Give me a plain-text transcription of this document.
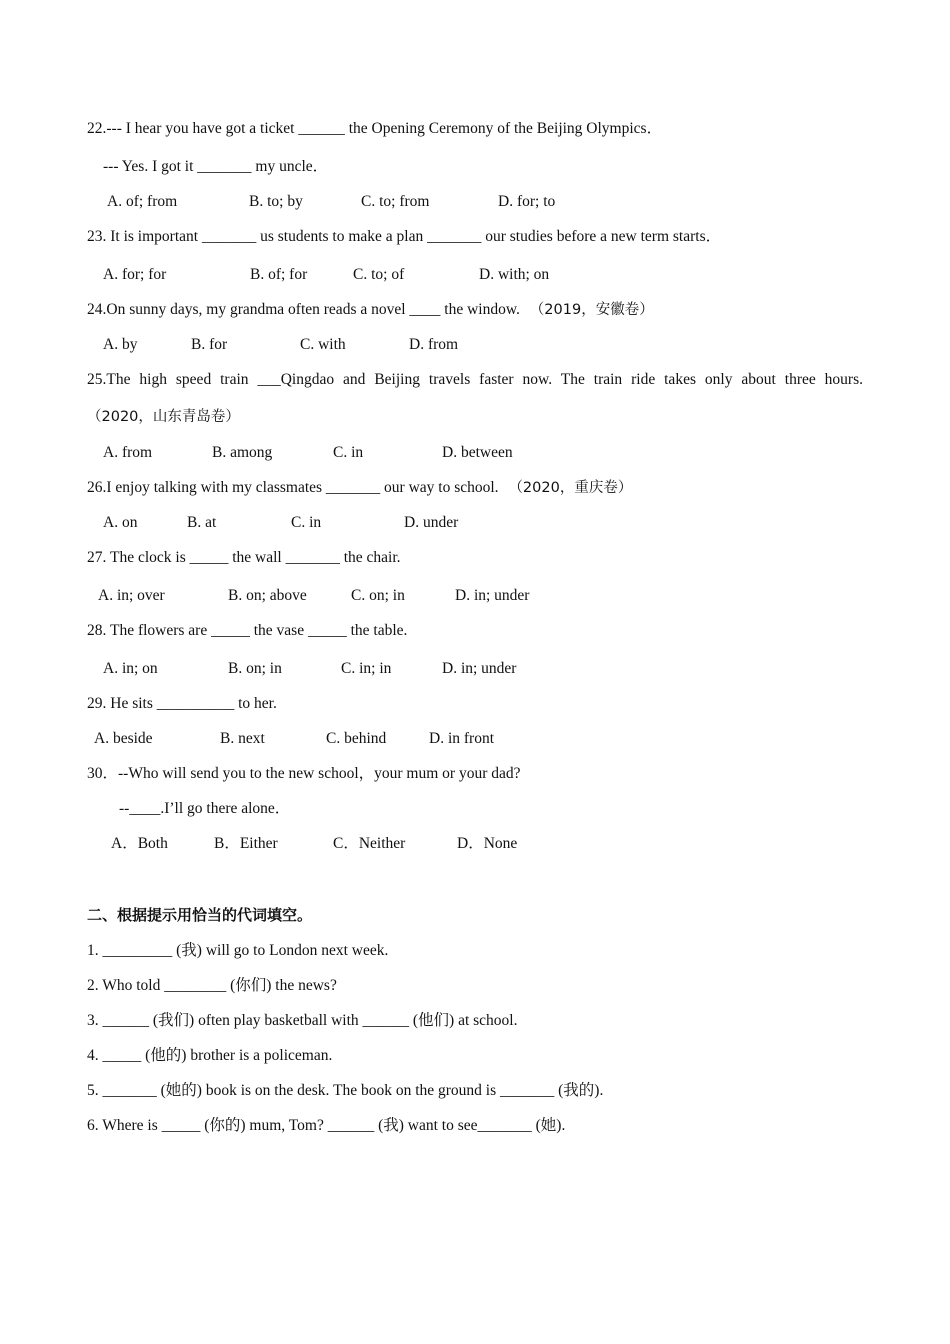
22.--- I hear you have got a ticket ______ the Opening Ceremony of the Beijing Olympics．
--- Yes. I got it _______ my uncle．
A. of; from	B. to; by	C. to; from	D. for; to
23. It is important _______ us students to make a plan _______ our studies before a new term starts．
A. for; for	B. of; for	C. to; of	D. with; on
24.On sunny days, my grandma often reads a novel ____ the window. （2019，安徽卷）
A. by	B. for	C. with	D. from
25.The high speed train ___Qingdao and Beijing travels faster now. The train ride takes only about three hours.
（2020，山东青岛卷）
A. from	B. among	C. in	D. between
26.I enjoy talking with my classmates _______ our way to school. （2020，重庆卷）
A. on	B. at	C. in	D. under
27. The clock is _____ the wall _______ the chair.
A. in; over	B. on; above	C. on; in	D. in; under
28. The flowers are _____ the vase _____ the table.
A. in; on	B. on; in	C. in; in	D. in; under
29. He sits __________ to her.
A. beside	B. next	C. behind	D. in front
30．--Who will send you to the new school，your mum or your dad?
--____.I’ll go there alone．
A．Both	B．Either	C．Neither	D．None
二、根据提示用恰当的代词填空。
1. _________ (我) will go to London next week.
2. Who told ________ (你们) the news?
3. ______ (我们) often play basketball with ______ (他们) at school.
4. _____ (他的) brother is a policeman.
5. _______ (她的) book is on the desk. The book on the ground is _______ (我的).
6. Where is _____ (你的) mum, Tom? ______ (我) want to see_______ (她).
